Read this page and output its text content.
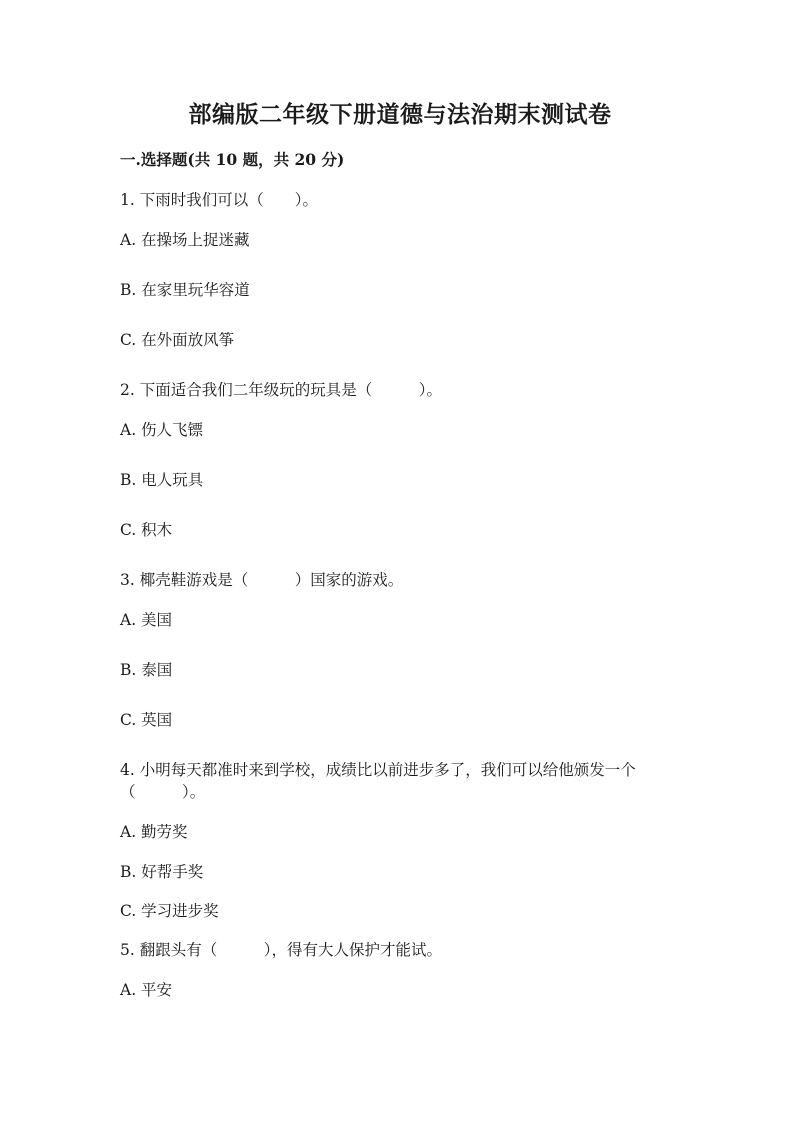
部编版二年级下册道德与法治期末测试卷
一.选择题(共 10 题，共 20 分)
1. 下雨时我们可以（　　）。
A. 在操场上捉迷藏
B. 在家里玩华容道
C. 在外面放风筝
2. 下面适合我们二年级玩的玩具是（　　　）。
A. 伤人飞镖
B. 电人玩具
C. 积木
3. 椰壳鞋游戏是（　　　）国家的游戏。
A. 美国
B. 泰国
C. 英国
4. 小明每天都准时来到学校，成绩比以前进步多了，我们可以给他颁发一个
（　　　）。
A. 勤劳奖
B. 好帮手奖
C. 学习进步奖
5. 翻跟头有（　　　），得有大人保护才能试。
A. 平安
